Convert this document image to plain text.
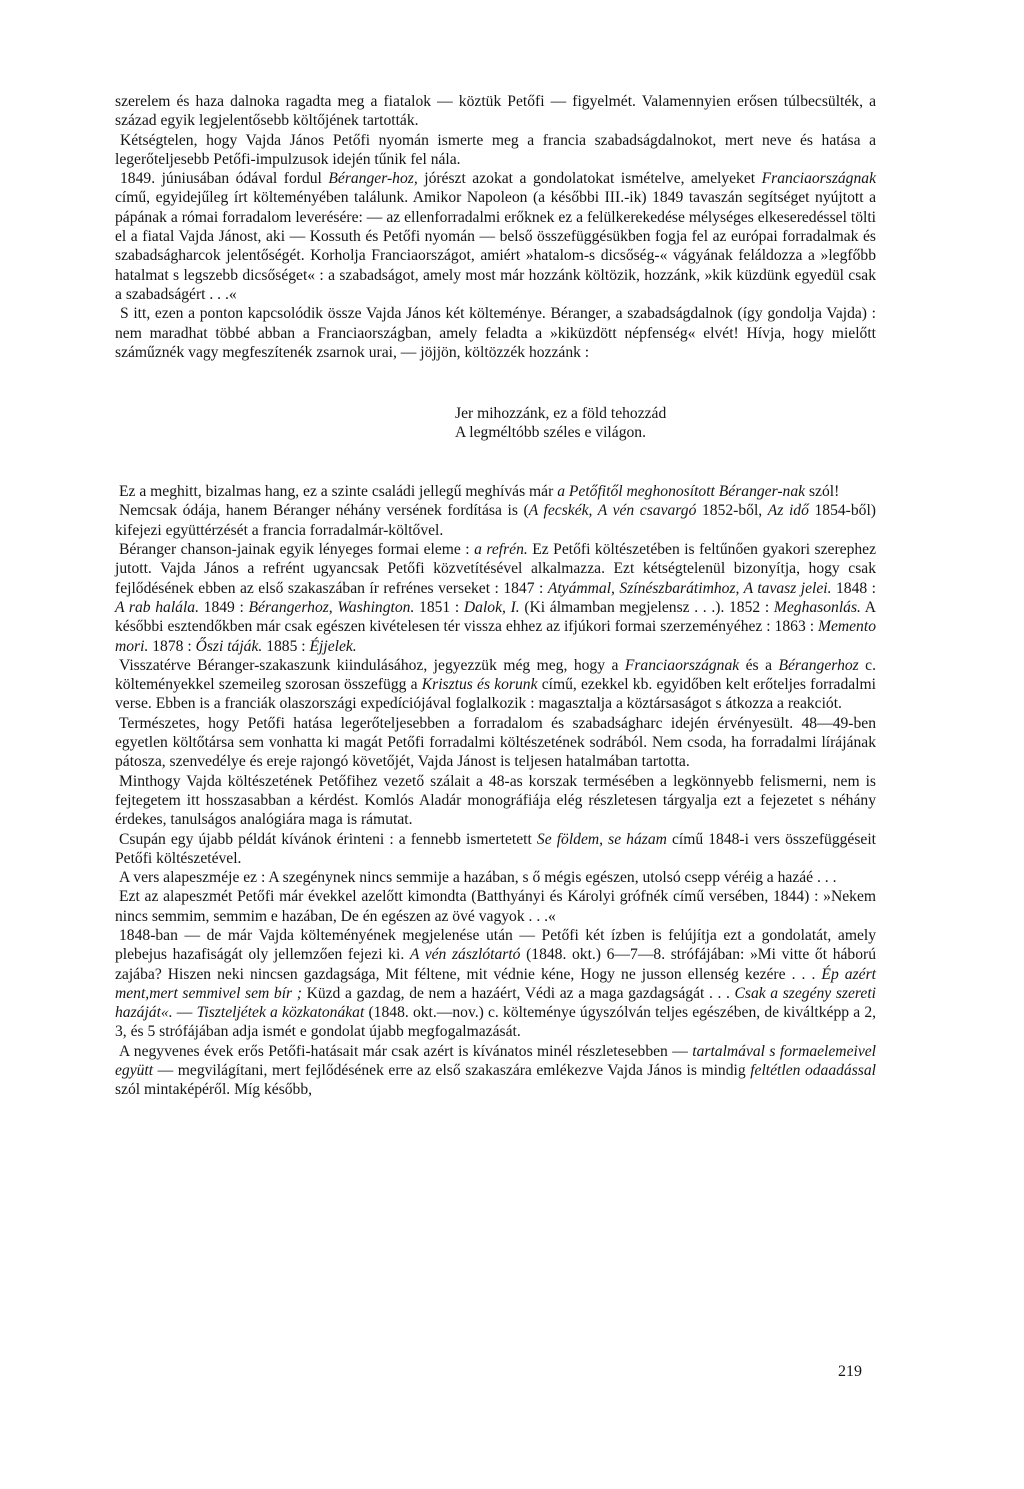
szerelem és haza dalnoka ragadta meg a fiatalok — köztük Petőfi — figyelmét. Valamennyien erősen túlbecsülték, a század egyik legjelentősebb költőjének tartották.

Kétségtelen, hogy Vajda János Petőfi nyomán ismerte meg a francia szabadságdalnokot, mert neve és hatása a legerőteljesebb Petőfi-impulzusok idején tűnik fel nála.

1849. júniusában ódával fordul Béranger-hoz, jórészt azokat a gondolatokat ismételve, amelyeket Franciaországnak című, egyidejűleg írt költeményében találunk. Amikor Napoleon (a későbbi III.-ik) 1849 tavaszán segítséget nyújtott a pápának a római forradalom leverésére: — az ellenforradalmi erőknek ez a felülkerekedése mélységes elkeseredéssel tölti el a fiatal Vajda Jánost, aki — Kossuth és Petőfi nyomán — belső összefüggésükben fogja fel az európai forradalmak és szabadságharcok jelentőségét. Korholja Franciaországot, amiért »hatalom-s dicsőség-« vágyának feláldozza a »legfőbb hatalmat s legszebb dicsőséget« : a szabadságot, amely most már hozzánk költözik, hozzánk, »kik küzdünk egyedül csak a szabadságért . . .«

S itt, ezen a ponton kapcsolódik össze Vajda János két költeménye. Béranger, a szabadságdalnok (így gondolja Vajda) : nem maradhat többé abban a Franciaországban, amely feladta a »kiküzdött népfenség« elvét! Hívja, hogy mielőtt száműznék vagy megfeszítenék zsarnok urai, — jöjjön, költözzék hozzánk :

Jer mihozzánk, ez a föld tehozzád
A legméltóbb széles e világon.

Ez a meghitt, bizalmas hang, ez a szinte családi jellegű meghívás már a Petőfitől meghonosított Béranger-nak szól!

Nemcsak ódája, hanem Béranger néhány versének fordítása is (A fecskék, A vén csavargó 1852-ből, Az idő 1854-ből) kifejezi együttérzését a francia forradalmár-költővel.

Béranger chanson-jainak egyik lényeges formai eleme : a refrén. Ez Petőfi költészetében is feltűnően gyakori szerephez jutott. Vajda János a refrént ugyancsak Petőfi közvetítésével alkalmazza. Ezt kétségtelenül bizonyítja, hogy csak fejlődésének ebben az első szakaszában ír refrénes verseket : 1847 : Atyámmal, Színészbarátimhoz, A tavasz jelei. 1848 : A rab halála. 1849 : Bérangerhoz, Washington. 1851 : Dalok, I. (Ki álmamban megjelensz . . .). 1852 : Meghasonlás. A későbbi esztendőkben már csak egészen kivételesen tér vissza ehhez az ifjúkori formai szerzeményéhez : 1863 : Memento mori. 1878 : Őszi táják. 1885 : Éjjelek.

Visszatérve Béranger-szakaszunk kiindulásához, jegyezzük még meg, hogy a Franciaországnak és a Bérangerhoz c. költeményekkel szemeileg szorosan összefügg a Krisztus és korunk című, ezekkel kb. egyidőben kelt erőteljes forradalmi verse. Ebben is a franciák olaszországi expedíciójával foglalkozik : magasztalja a köztársaságot s átkozza a reakciót.

Természetes, hogy Petőfi hatása legerőteljesebben a forradalom és szabadságharc idején érvényesült. 48—49-ben egyetlen költőtársa sem vonhatta ki magát Petőfi forradalmi költészetének sodrából. Nem csoda, ha forradalmi lírájának pátosza, szenvedélye és ereje rajongó követőjét, Vajda Jánost is teljesen hatalmában tartotta.

Minthogy Vajda költészetének Petőfihez vezető szálait a 48-as korszak termésében a legkönnyebb felismerni, nem is fejtegetem itt hosszasabban a kérdést. Komlós Aladár monográfiája elég részletesen tárgyalja ezt a fejezetet s néhány érdekes, tanulságos analógiára maga is rámutat.

Csupán egy újabb példát kívánok érinteni : a fennebb ismertetett Se földem, se házam című 1848-i vers összefüggéseit Petőfi költészetével.

A vers alapeszméje ez : A szegénynek nincs semmije a hazában, s ő mégis egészen, utolsó csepp véréig a hazáé . . .

Ezt az alapeszmét Petőfi már évekkel azelőtt kimondta (Batthyányi és Károlyi grófnék című versében, 1844) : »Nekem nincs semmim, semmim e hazában, De én egészen az övé vagyok . . .«

1848-ban — de már Vajda költeményének megjelenése után — Petőfi két ízben is felújítja ezt a gondolatát, amely plebejus hazafiságát oly jellemzően fejezi ki. A vén zászlótartó (1848. okt.) 6—7—8. strófájában: »Mi vitte őt háború zajába? Hiszen neki nincsen gazdagsága, Mit féltene, mit védnie kéne, Hogy ne jusson ellenség kezére . . . Ép azért ment,mert semmivel sem bír ; Küzd a gazdag, de nem a hazáért, Védi az a maga gazdagságát . . . Csak a szegény szereti hazáját«. — Tiszteljétek a közkatonákat (1848. okt.—nov.) c. költeménye úgyszólván teljes egészében, de kiváltképp a 2, 3, és 5 strófájában adja ismét e gondolat újabb megfogalmazását.

A negyvenes évek erős Petőfi-hatásait már csak azért is kívánatos minél részletesebben — tartalmával s formaelemeivel együtt — megvilágítani, mert fejlődésének erre az első szakaszára emlékezve Vajda János is mindig feltétlen odaadással szól mintaképéről. Míg később,

219
